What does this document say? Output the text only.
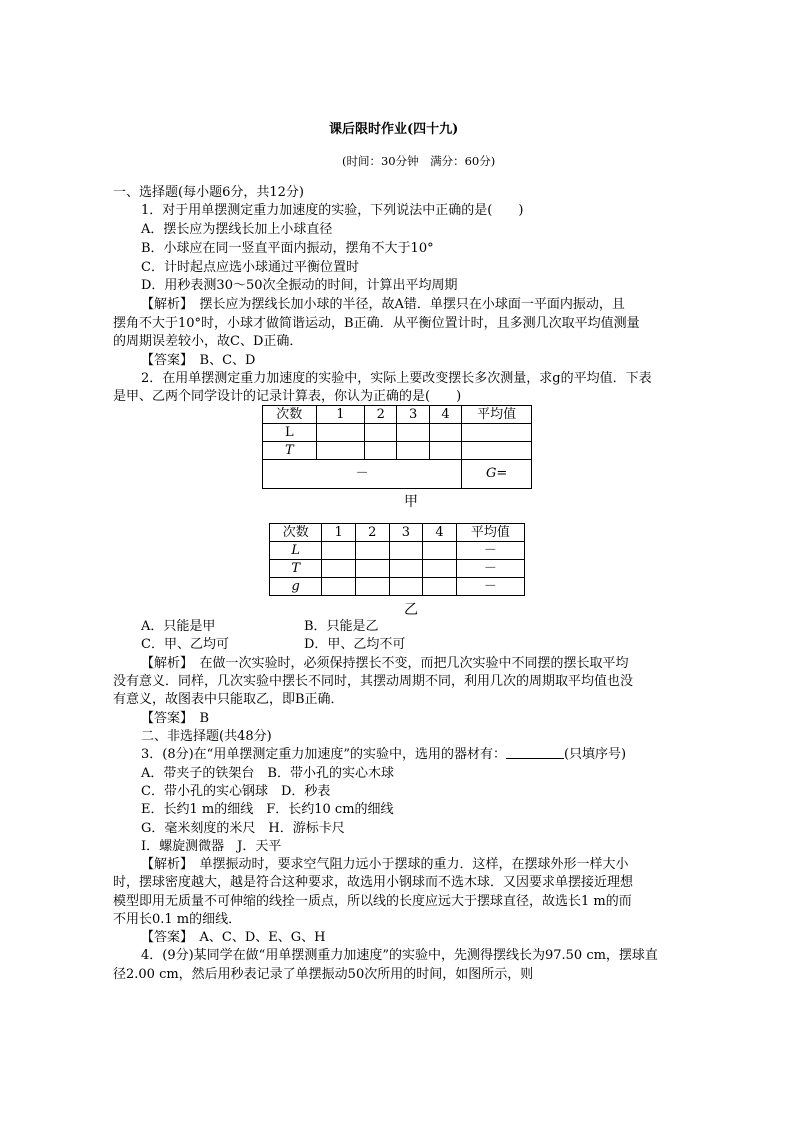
课后限时作业(四十九)
(时间：30分钟　满分：60分)
一、选择题(每小题6分，共12分)
1．对于用单摆测定重力加速度的实验，下列说法中正确的是(　　)
A．摆长应为摆线长加上小球直径
B．小球应在同一竖直平面内振动，摆角不大于10°
C．计时起点应选小球通过平衡位置时
D．用秒表测30～50次全振动的时间，计算出平均周期
【解析】　摆长应为摆线长加小球的半径，故A错．单摆只在小球面一平面内振动，且
摆角不大于10°时，小球才做简谐运动，B正确．从平衡位置计时，且多测几次取平均值测量
的周期误差较小，故C、D正确．
【答案】　B、C、D
2．在用单摆测定重力加速度的实验中，实际上要改变摆长多次测量，求g的平均值．下表
是甲、乙两个同学设计的记录计算表，你认为正确的是(　　)
次数	1	2	3	4	平均值
L					
T					
－					G=
甲
次数	1	2	3	4	平均值
L					－
T					－
g					－
乙
A．只能是甲	B．只能是乙
C．甲、乙均可	D．甲、乙均不可
【解析】　在做一次实验时，必须保持摆长不变，而把几次实验中不同摆的摆长取平均
没有意义．同样，几次实验中摆长不同时，其摆动周期不同，利用几次的周期取平均值也没
有意义，故图表中只能取乙，即B正确．
【答案】　B
二、非选择题(共48分)
3．(8分)在“用单摆测定重力加速度”的实验中，选用的器材有：	(只填序号)
A．带夹子的铁架台　B．带小孔的实心木球
C．带小孔的实心钢球　D．秒表
E．长约1 m的细线　F．长约10 cm的细线
G．毫米刻度的米尺　H．游标卡尺
I．螺旋测微器　J．天平
【解析】　单摆振动时，要求空气阻力远小于摆球的重力．这样，在摆球外形一样大小
时，摆球密度越大，越是符合这种要求，故选用小钢球而不选木球．又因要求单摆接近理想
模型即用无质量不可伸缩的线拴一质点，所以线的长度应远大于摆球直径，故选长1 m的而
不用长0.1 m的细线．
【答案】　A、C、D、E、G、H
4．(9分)某同学在做“用单摆测重力加速度”的实验中，先测得摆线长为97.50 cm，摆球直
径2.00 cm，然后用秒表记录了单摆振动50次所用的时间，如图所示，则
